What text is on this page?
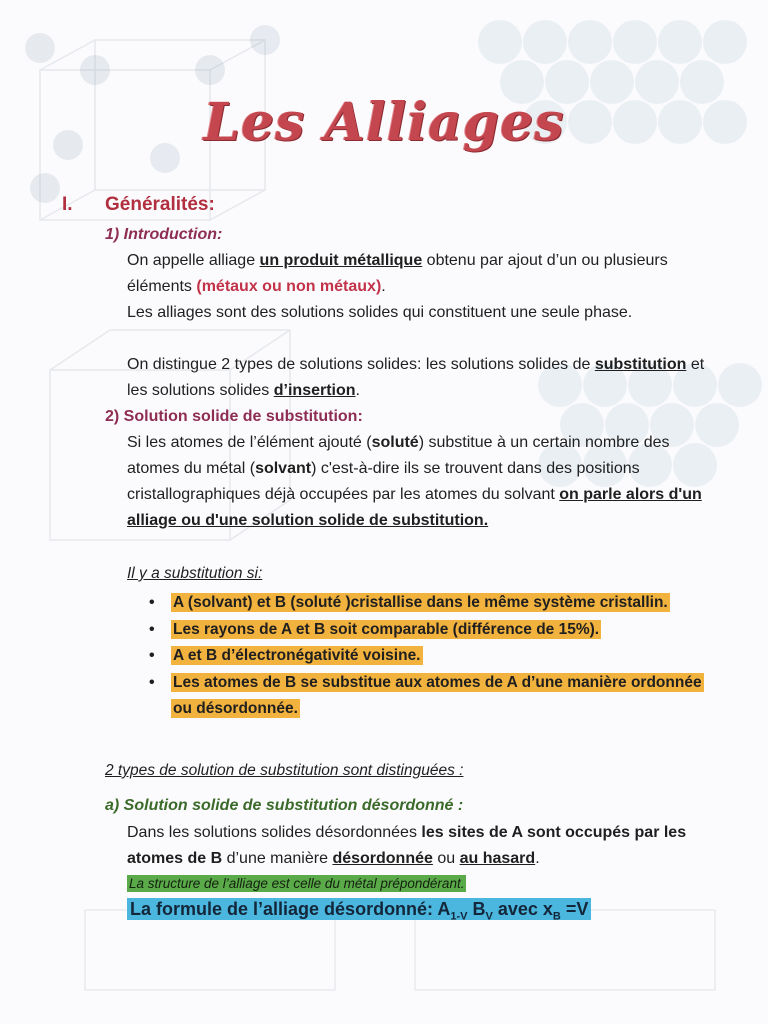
Les Alliages
I. Généralités:
1) Introduction:
On appelle alliage un produit métallique obtenu par ajout d’un ou plusieurs éléments (métaux ou non métaux).
Les alliages sont des solutions solides qui constituent une seule phase.
On distingue 2 types de solutions solides: les solutions solides de substitution et les solutions solides d’insertion.
2) Solution solide de substitution:
Si les atomes de l’élément ajouté (soluté) substitue à un certain nombre des atomes du métal (solvant) c'est-à-dire ils se trouvent dans des positions cristallographiques déjà occupées par les atomes du solvant on parle alors d'un alliage ou d'une solution solide de substitution.
Il y a substitution si:
• A (solvant) et B (soluté )cristallise dans le même système cristallin.
• Les rayons de A et B soit comparable (différence de 15%).
• A et B d’électronégativité voisine.
• Les atomes de B se substitue aux atomes de A d’une manière ordonnée ou désordonnée.
2 types de solution de substitution sont distinguées :
a) Solution solide de substitution désordonné :
Dans les solutions solides désordonnées les sites de A sont occupés par les atomes de B d’une manière désordonnée ou au hasard.
La structure de l’alliage est celle du métal prépondérant.
La formule de l’alliage désordonné: $A_{1-V}$ $B_V$ avec $x_B =V$
